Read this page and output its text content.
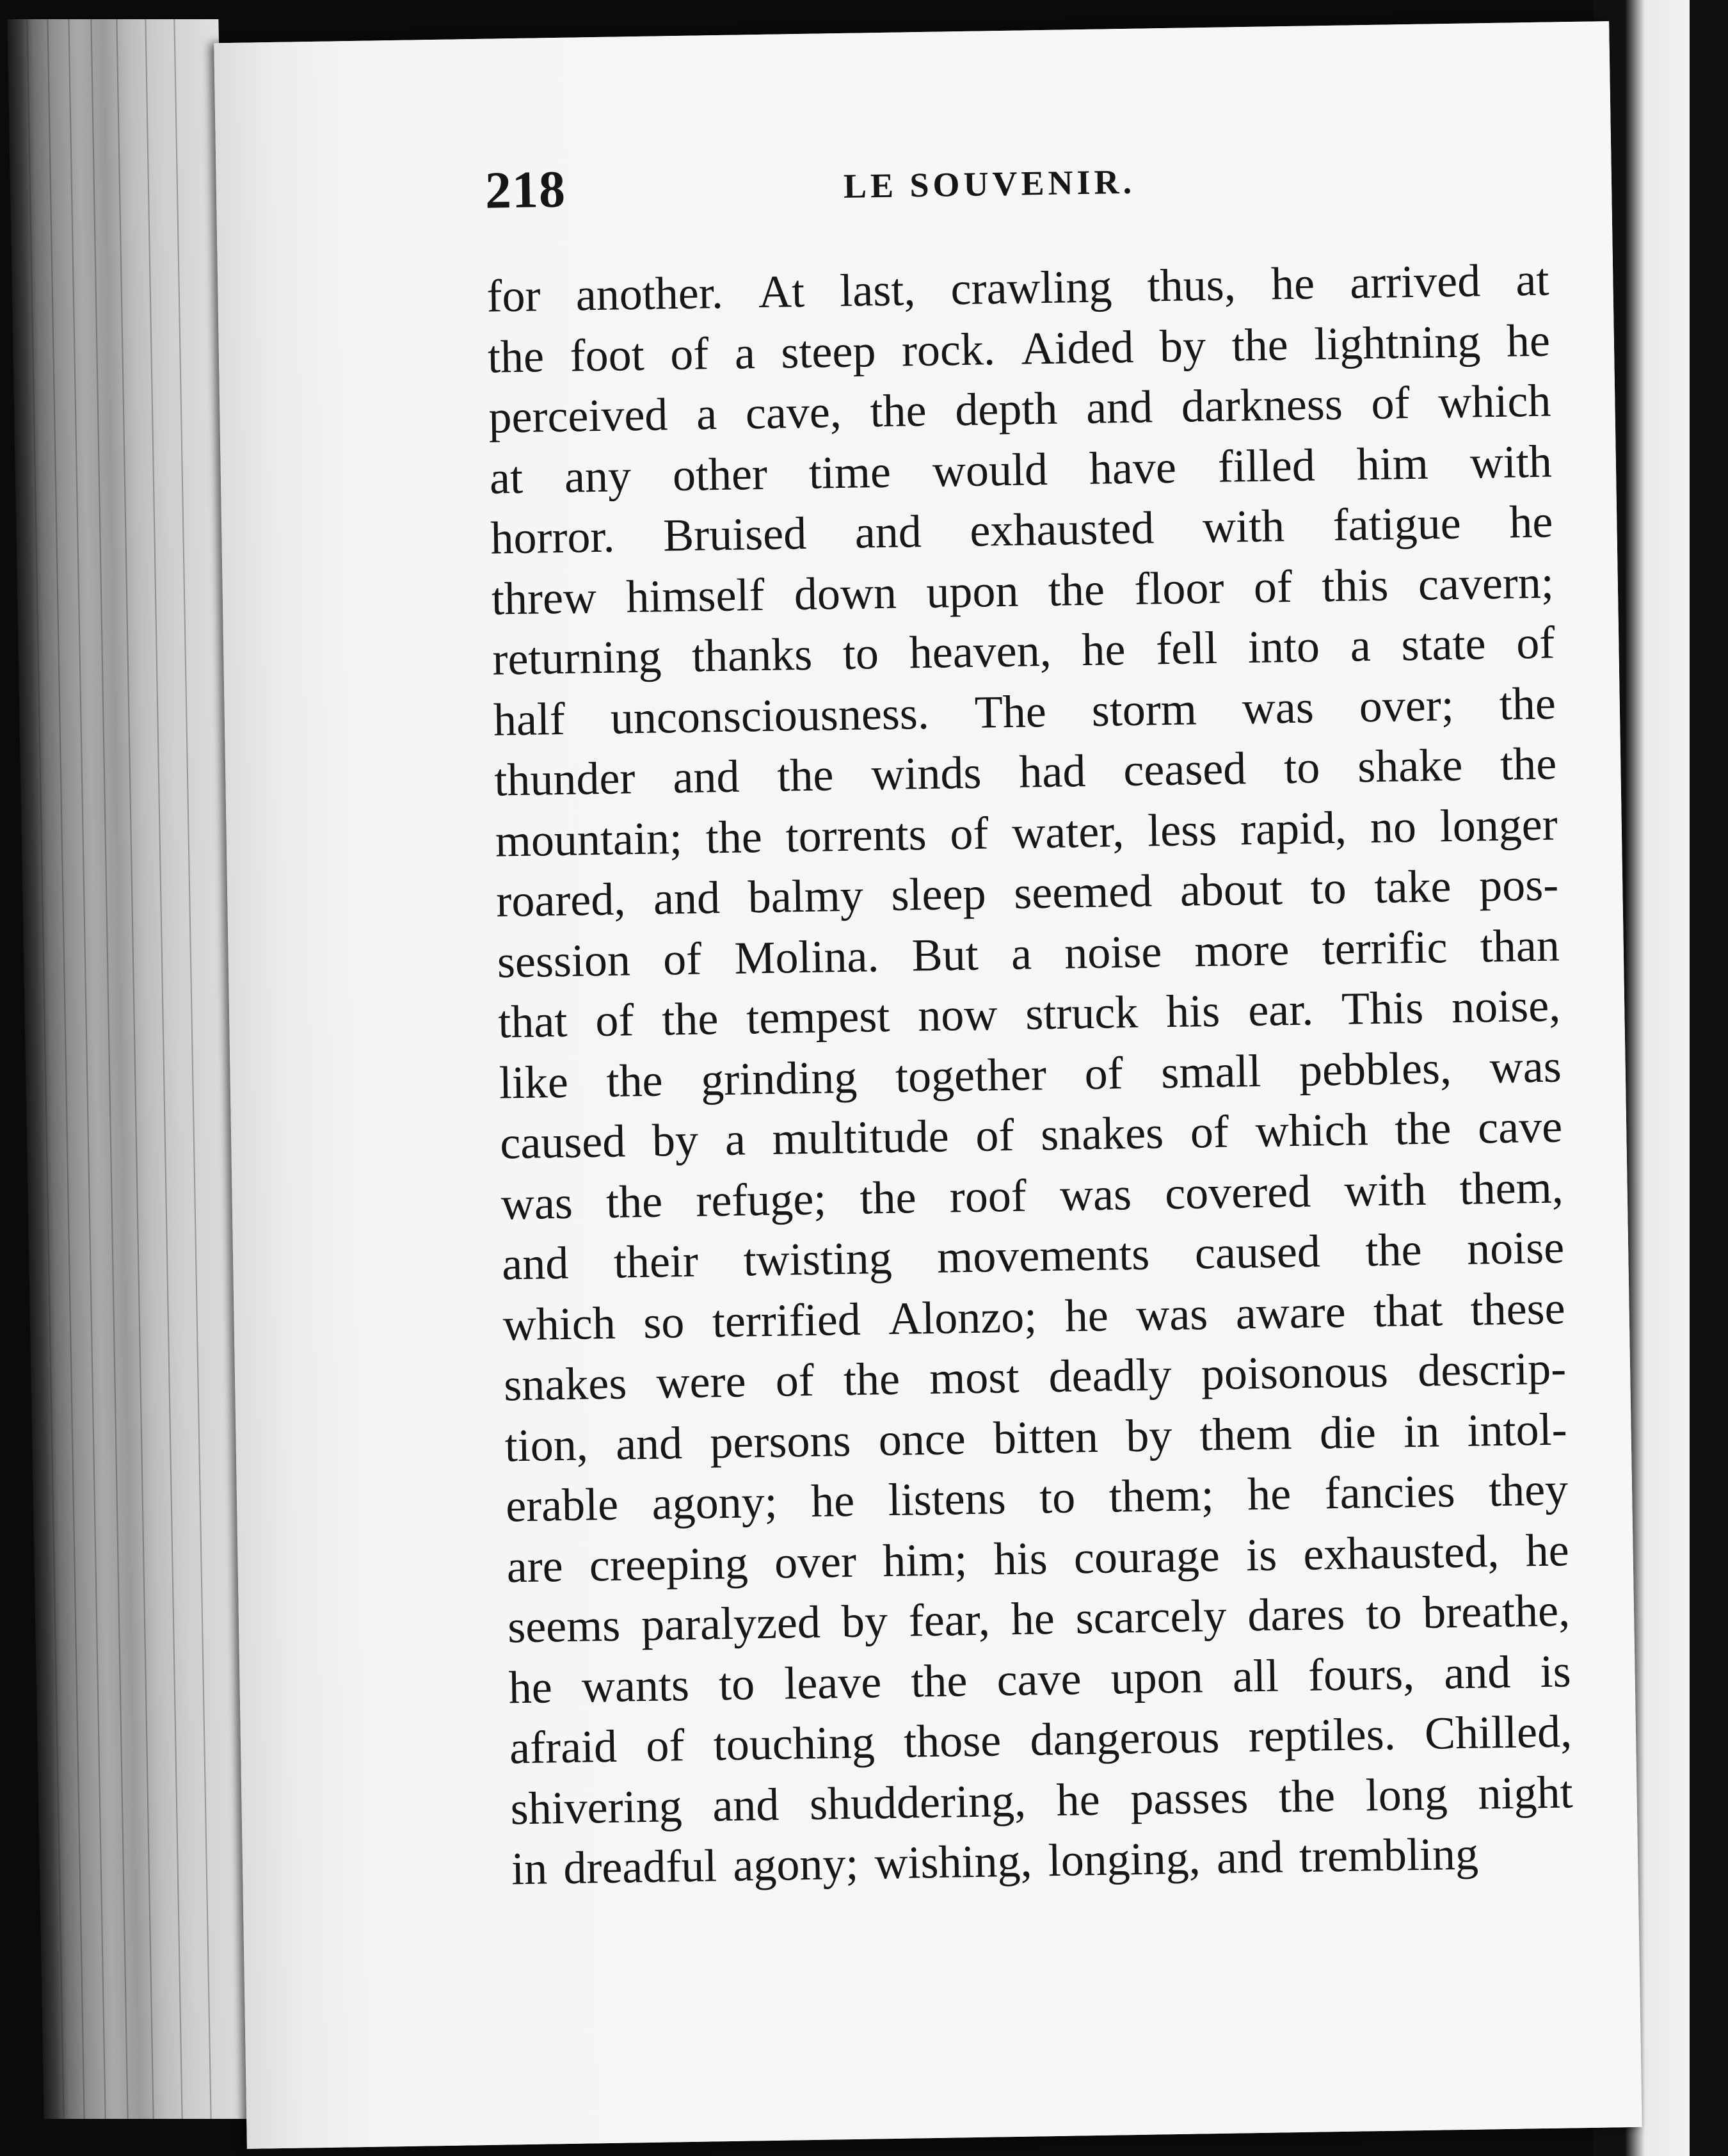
218	LE SOUVENIR.
for another. At last, crawling thus, he arrived at
the foot of a steep rock. Aided by the lightning he
perceived a cave, the depth and darkness of which
at any other time would have filled him with
horror. Bruised and exhausted with fatigue he
threw himself down upon the floor of this cavern;
returning thanks to heaven, he fell into a state of
half unconsciousness. The storm was over; the
thunder and the winds had ceased to shake the
mountain; the torrents of water, less rapid, no longer
roared, and balmy sleep seemed about to take pos-
session of Molina. But a noise more terrific than
that of the tempest now struck his ear. This noise,
like the grinding together of small pebbles, was
caused by a multitude of snakes of which the cave
was the refuge; the roof was covered with them,
and their twisting movements caused the noise
which so terrified Alonzo; he was aware that these
snakes were of the most deadly poisonous descrip-
tion, and persons once bitten by them die in intol-
erable agony; he listens to them; he fancies they
are creeping over him; his courage is exhausted, he
seems paralyzed by fear, he scarcely dares to breathe,
he wants to leave the cave upon all fours, and is
afraid of touching those dangerous reptiles. Chilled,
shivering and shuddering, he passes the long night
in dreadful agony; wishing, longing, and trembling
